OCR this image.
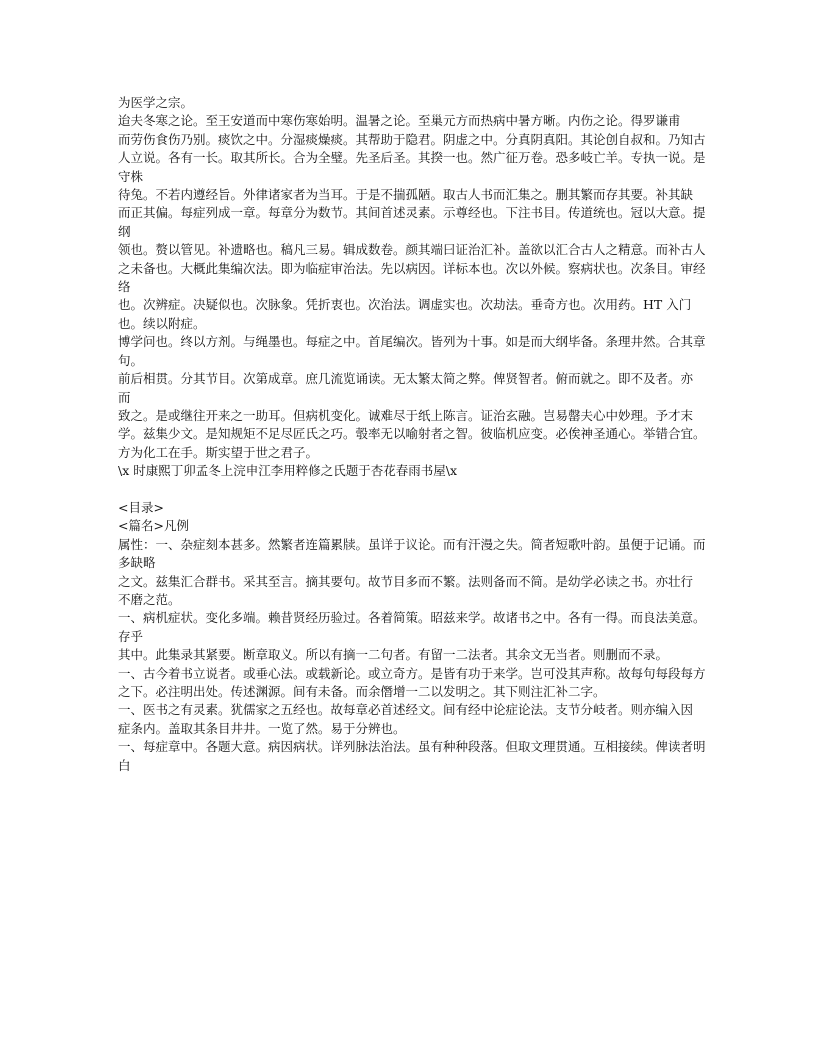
为医学之宗。
迨夫冬寒之论。至王安道而中寒伤寒始明。温暑之论。至巢元方而热病中暑方晰。内伤之论。得罗谦甫
而劳伤食伤乃别。痰饮之中。分湿痰燥痰。其帮助于隐君。阴虚之中。分真阴真阳。其论创自叔和。乃知古
人立说。各有一长。取其所长。合为全璧。先圣后圣。其揆一也。然广征万卷。恐多岐亡羊。专执一说。是守株
待兔。不若内遵经旨。外律诸家者为当耳。于是不揣孤陋。取古人书而汇集之。删其繁而存其要。补其缺
而正其偏。每症列成一章。每章分为数节。其间首述灵素。示尊经也。下注书目。传道统也。冠以大意。提纲
领也。赘以管见。补遗略也。稿凡三易。辑成数卷。颜其端曰证治汇补。盖欲以汇合古人之精意。而补古人
之未备也。大概此集编次法。即为临症审治法。先以病因。详标本也。次以外候。察病状也。次条目。审经络
也。次辨症。决疑似也。次脉象。凭折衷也。次治法。调虚实也。次劫法。垂奇方也。次用药。HT 入门也。续以附症。
博学问也。终以方剂。与绳墨也。每症之中。首尾编次。皆列为十事。如是而大纲毕备。条理井然。合其章句。
前后相贯。分其节目。次第成章。庶几流览诵读。无太繁太简之弊。俾贤智者。俯而就之。即不及者。亦 而
致之。是或继往开来之一助耳。但病机变化。诚难尽于纸上陈言。证治玄融。岂易罄夫心中妙理。予才末
学。兹集少文。是知规矩不足尽匠氏之巧。彀率无以喻射者之智。彼临机应变。必俟神圣通心。举错合宜。
方为化工在手。斯实望于世之君子。
\x 时康熙丁卯孟冬上浣申江李用粹修之氏题于杏花春雨书屋\x
<目录>
<篇名>凡例
属性：一、杂症刻本甚多。然繁者连篇累牍。虽详于议论。而有汗漫之失。简者短歌叶韵。虽便于记诵。而多缺略
之文。兹集汇合群书。采其至言。摘其要句。故节目多而不繁。法则备而不简。是幼学必读之书。亦壮行
不磨之范。
一、病机症状。变化多端。赖昔贤经历验过。各着简策。昭兹来学。故诸书之中。各有一得。而良法美意。存乎
其中。此集录其紧要。断章取义。所以有摘一二句者。有留一二法者。其余文无当者。则删而不录。
一、古今着书立说者。或垂心法。或载新论。或立奇方。是皆有功于来学。岂可没其声称。故每句每段每方
之下。必注明出处。传述渊源。间有未备。而余僭增一二以发明之。其下则注汇补二字。
一、医书之有灵素。犹儒家之五经也。故每章必首述经文。间有经中论症论法。支节分岐者。则亦编入因
症条内。盖取其条目井井。一览了然。易于分辨也。
一、每症章中。各题大意。病因病状。详列脉法治法。虽有种种段落。但取文理贯通。互相接续。俾读者明白
